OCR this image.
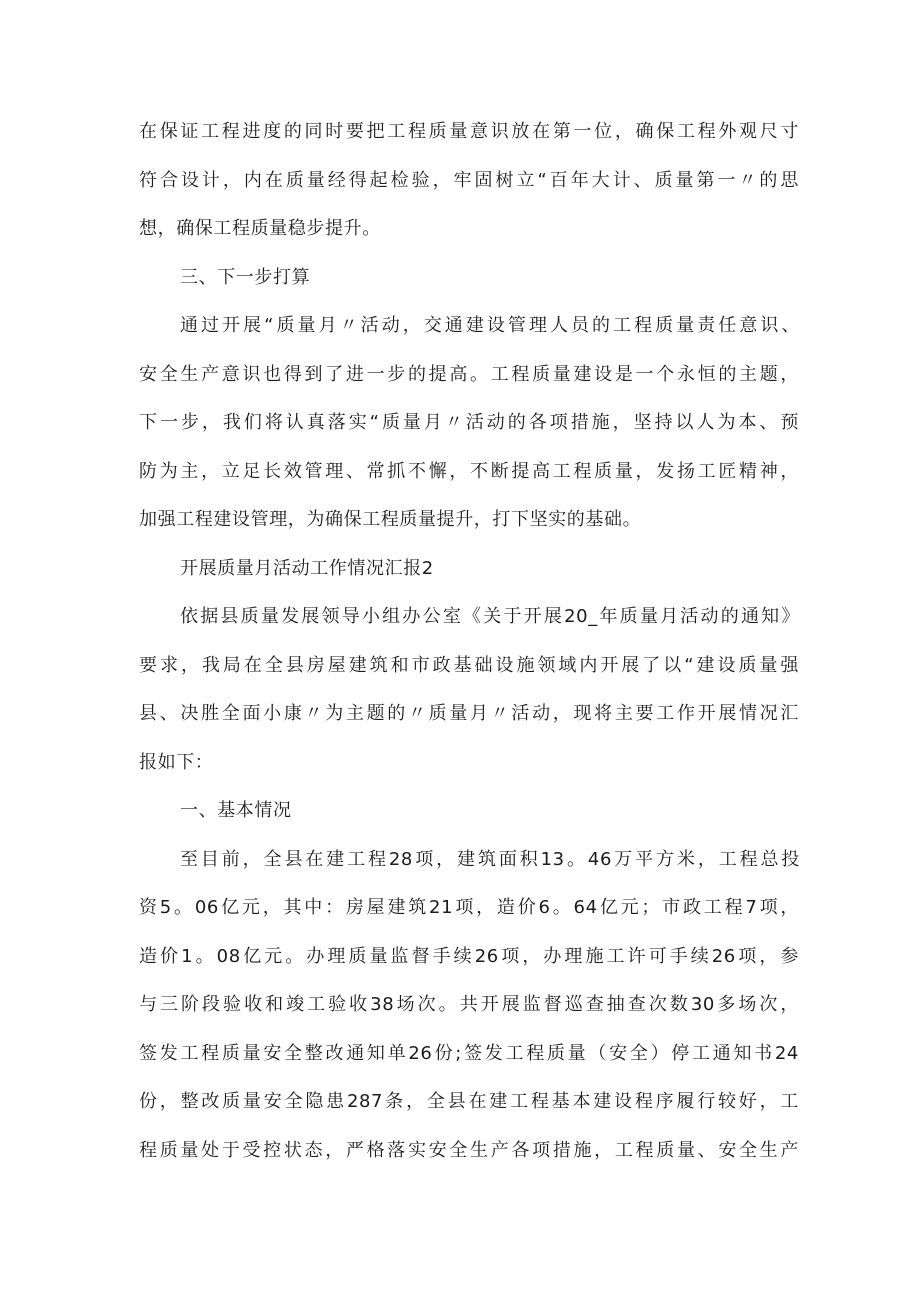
在保证工程进度的同时要把工程质量意识放在第一位，确保工程外观尺寸
符合设计，内在质量经得起检验，牢固树立“百年大计、质量第一〃的思
想，确保工程质量稳步提升。
三、下一步打算
通过开展“质量月〃活动，交通建设管理人员的工程质量责任意识、
安全生产意识也得到了进一步的提高。工程质量建设是一个永恒的主题，
下一步，我们将认真落实“质量月〃活动的各项措施，坚持以人为本、预
防为主，立足长效管理、常抓不懈，不断提高工程质量，发扬工匠精神，
加强工程建设管理，为确保工程质量提升，打下坚实的基础。
开展质量月活动工作情况汇报2
依据县质量发展领导小组办公室《关于开展20_年质量月活动的通知》
要求，我局在全县房屋建筑和市政基础设施领域内开展了以“建设质量强
县、决胜全面小康〃为主题的〃质量月〃活动，现将主要工作开展情况汇
报如下：
一、基本情况
至目前，全县在建工程28项，建筑面积13。46万平方米，工程总投
资5。06亿元，其中：房屋建筑21项，造价6。64亿元；市政工程7项，
造价1。08亿元。办理质量监督手续26项，办理施工许可手续26项，参
与三阶段验收和竣工验收38场次。共开展监督巡查抽查次数30多场次，
签发工程质量安全整改通知单26份;签发工程质量（安全）停工通知书24
份，整改质量安全隐患287条，全县在建工程基本建设程序履行较好，工
程质量处于受控状态，严格落实安全生产各项措施，工程质量、安全生产
